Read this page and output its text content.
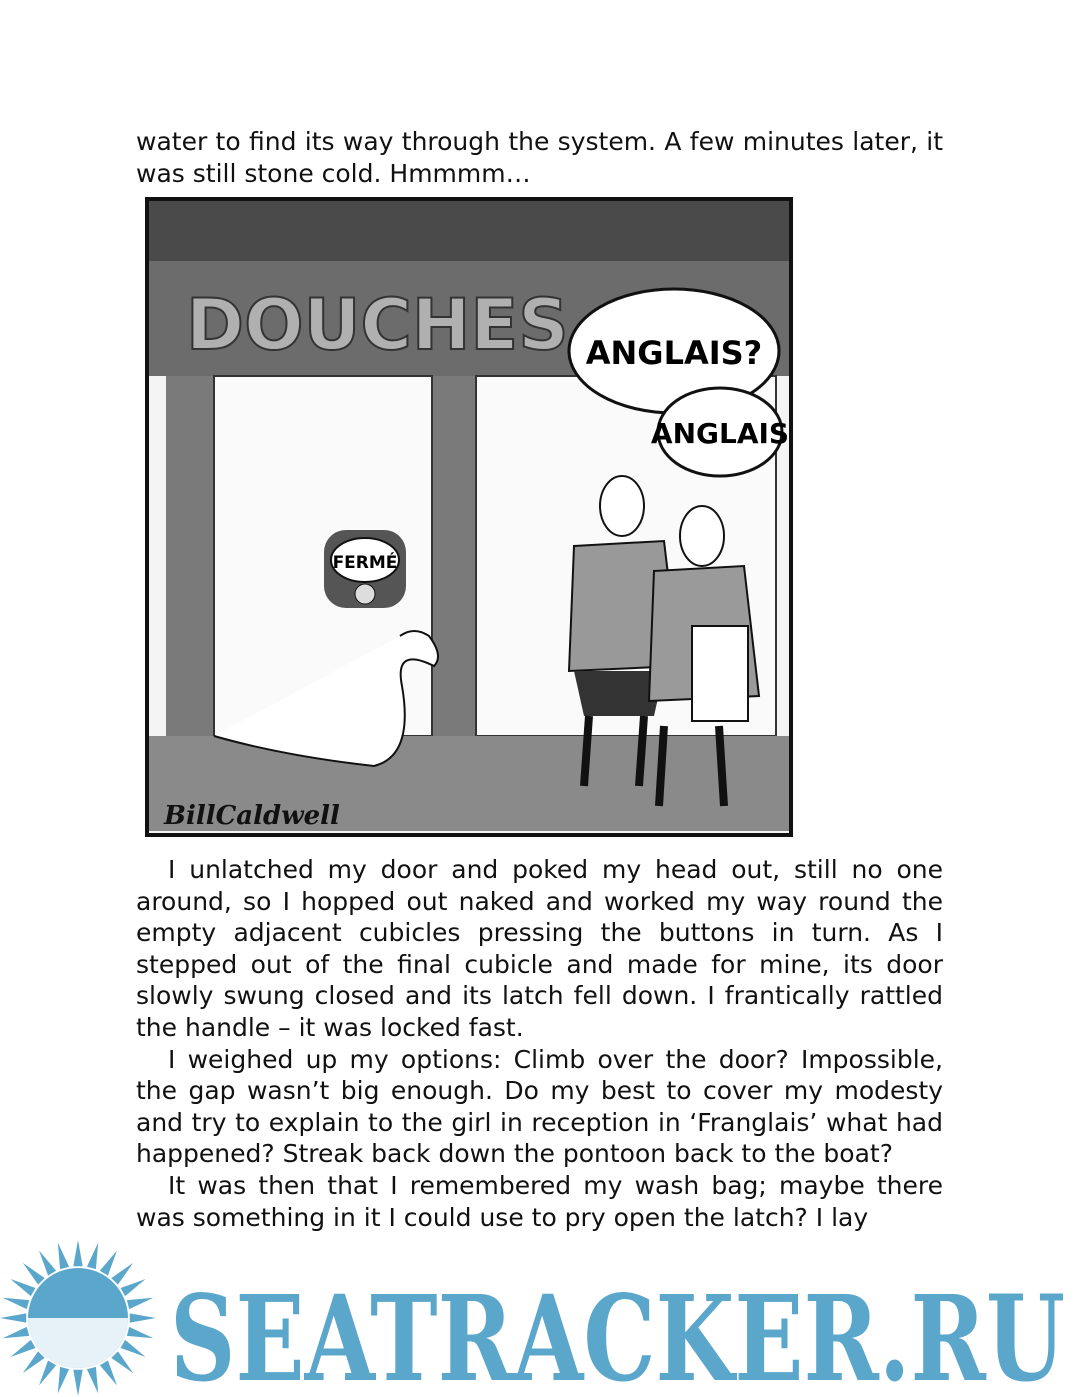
water to find its way through the system. A few minutes later, it was still stone cold. Hmmmm…

DOUCHES
FERMÉ
ANGLAIS?
ANGLAIS
BillCaldwell

I unlatched my door and poked my head out, still no one around, so I hopped out naked and worked my way round the empty adjacent cubicles pressing the buttons in turn. As I stepped out of the final cubicle and made for mine, its door slowly swung closed and its latch fell down. I frantically rattled the handle – it was locked fast.

I weighed up my options: Climb over the door? Impossible, the gap wasn’t big enough. Do my best to cover my modesty and try to explain to the girl in reception in ‘Franglais’ what had happened? Streak back down the pontoon back to the boat?

It was then that I remembered my wash bag; maybe there was something in it I could use to pry open the latch? I lay

SEATRACKER.RU
